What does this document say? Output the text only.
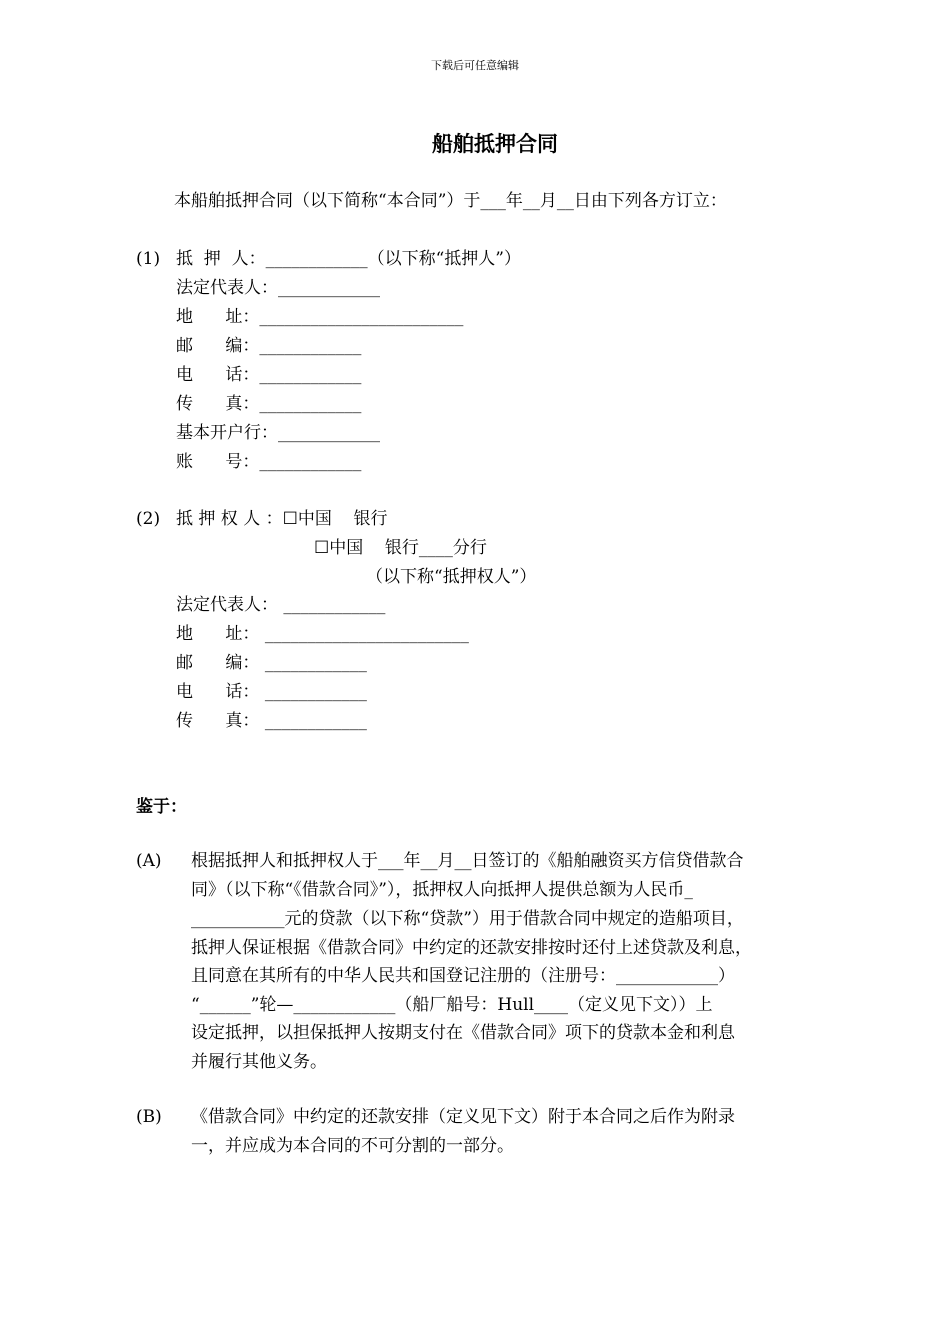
下载后可任意编辑
船舶抵押合同
本船舶抵押合同（以下简称“本合同”）于___年__月__日由下列各方订立：
(1) 抵  押  人：____________（以下称“抵押人”）
法定代表人：____________
地      址：________________________
邮      编：____________
电      话：____________
传      真：____________
基本开户行：____________
账      号：____________
(2) 抵 押 权 人 ：☐中国    银行
☐中国    银行____分行
（以下称“抵押权人”）
法定代表人： ____________
地      址： ________________________
邮      编： ____________
电      话： ____________
传      真： ____________
鉴于：
(A) 根据抵押人和抵押权人于___年__月__日签订的《船舶融资买方信贷借款合
同》（以下称“《借款合同》”），抵押权人向抵押人提供总额为人民币_
___________元的贷款（以下称“贷款”）用于借款合同中规定的造船项目，
抵押人保证根据《借款合同》中约定的还款安排按时还付上述贷款及利息，
且同意在其所有的中华人民共和国登记注册的（注册号：____________）
“______”轮—____________（船厂船号：Hull____（定义见下文））上
设定抵押，以担保抵押人按期支付在《借款合同》项下的贷款本金和利息
并履行其他义务。
(B) 《借款合同》中约定的还款安排（定义见下文）附于本合同之后作为附录
一，并应成为本合同的不可分割的一部分。
